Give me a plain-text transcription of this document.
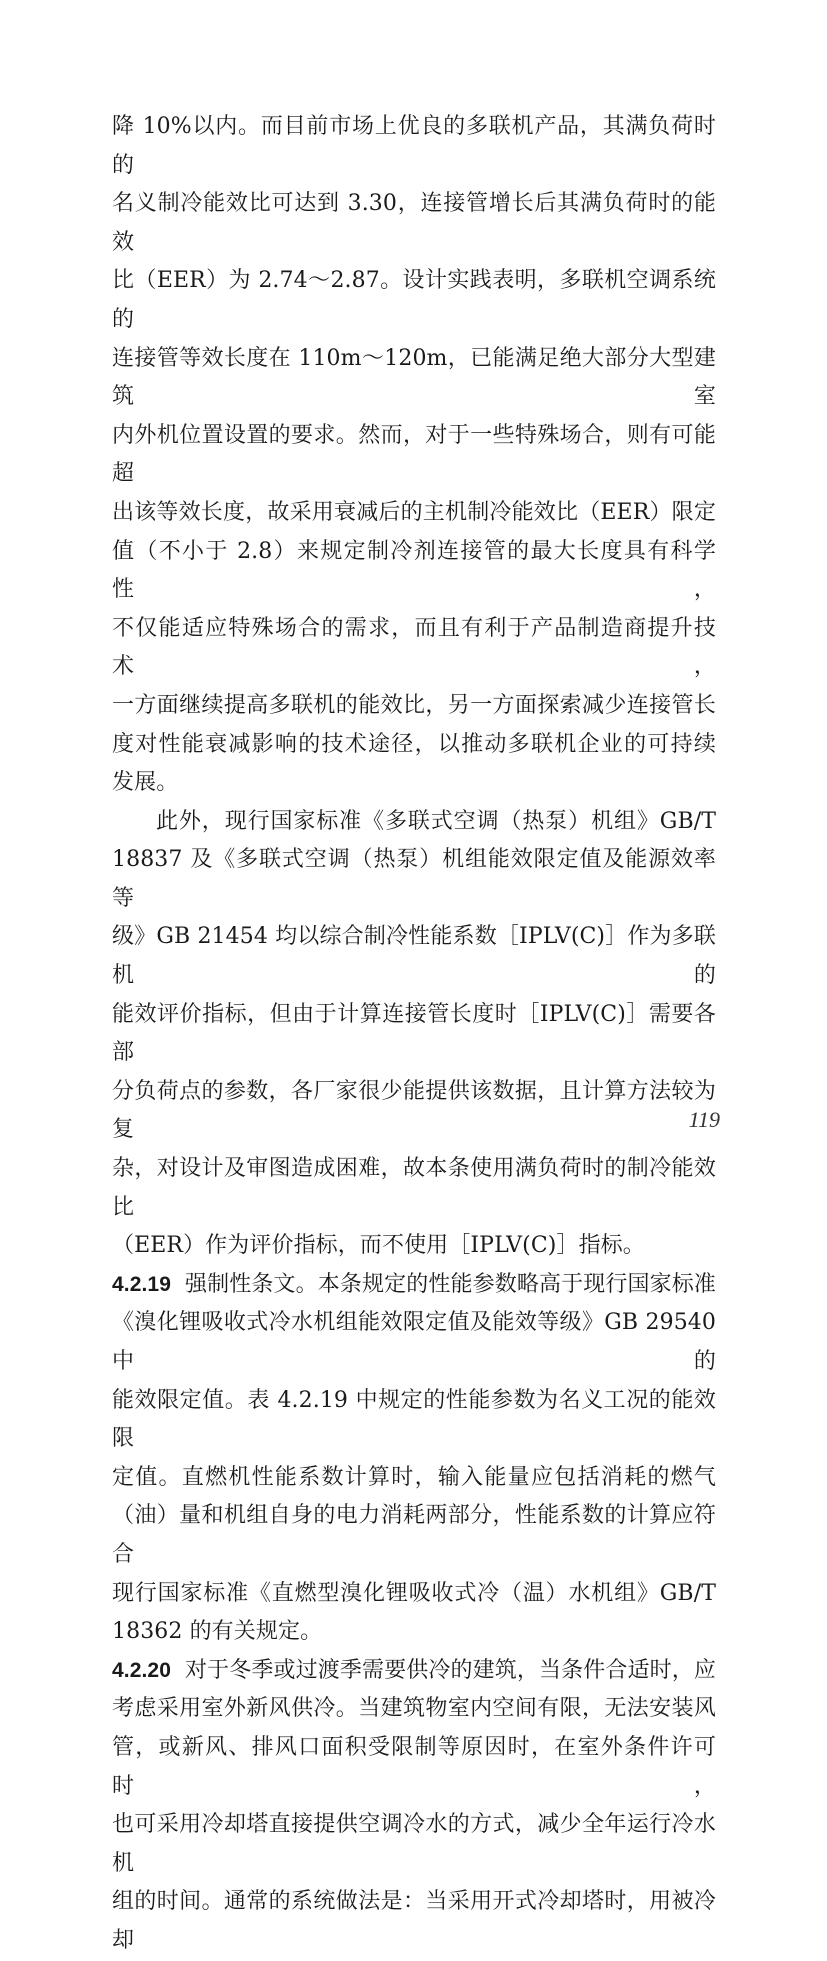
降 10%以内。而目前市场上优良的多联机产品，其满负荷时的

名义制冷能效比可达到 3.30，连接管增长后其满负荷时的能效

比（EER）为 2.74～2.87。设计实践表明，多联机空调系统的

连接管等效长度在 110m～120m，已能满足绝大部分大型建筑室

内外机位置设置的要求。然而，对于一些特殊场合，则有可能超

出该等效长度，故采用衰减后的主机制冷能效比（EER）限定

值（不小于 2.8）来规定制冷剂连接管的最大长度具有科学性，

不仅能适应特殊场合的需求，而且有利于产品制造商提升技术，

一方面继续提高多联机的能效比，另一方面探索减少连接管长

度对性能衰减影响的技术途径，以推动多联机企业的可持续

发展。

此外，现行国家标准《多联式空调（热泵）机组》GB/T

18837 及《多联式空调（热泵）机组能效限定值及能源效率等

级》GB 21454 均以综合制冷性能系数［IPLV(C)］作为多联机的

能效评价指标，但由于计算连接管长度时［IPLV(C)］需要各部

分负荷点的参数，各厂家很少能提供该数据，且计算方法较为复

杂，对设计及审图造成困难，故本条使用满负荷时的制冷能效比

（EER）作为评价指标，而不使用［IPLV(C)］指标。

4.2.19 强制性条文。本条规定的性能参数略高于现行国家标准

《溴化锂吸收式冷水机组能效限定值及能效等级》GB 29540 中的

能效限定值。表 4.2.19 中规定的性能参数为名义工况的能效限

定值。直燃机性能系数计算时，输入能量应包括消耗的燃气

（油）量和机组自身的电力消耗两部分，性能系数的计算应符合

现行国家标准《直燃型溴化锂吸收式冷（温）水机组》GB/T

18362 的有关规定。

4.2.20 对于冬季或过渡季需要供冷的建筑，当条件合适时，应

考虑采用室外新风供冷。当建筑物室内空间有限，无法安装风

管，或新风、排风口面积受限制等原因时，在室外条件许可时，

也可采用冷却塔直接提供空调冷水的方式，减少全年运行冷水机

组的时间。通常的系统做法是：当采用开式冷却塔时，用被冷却

119
